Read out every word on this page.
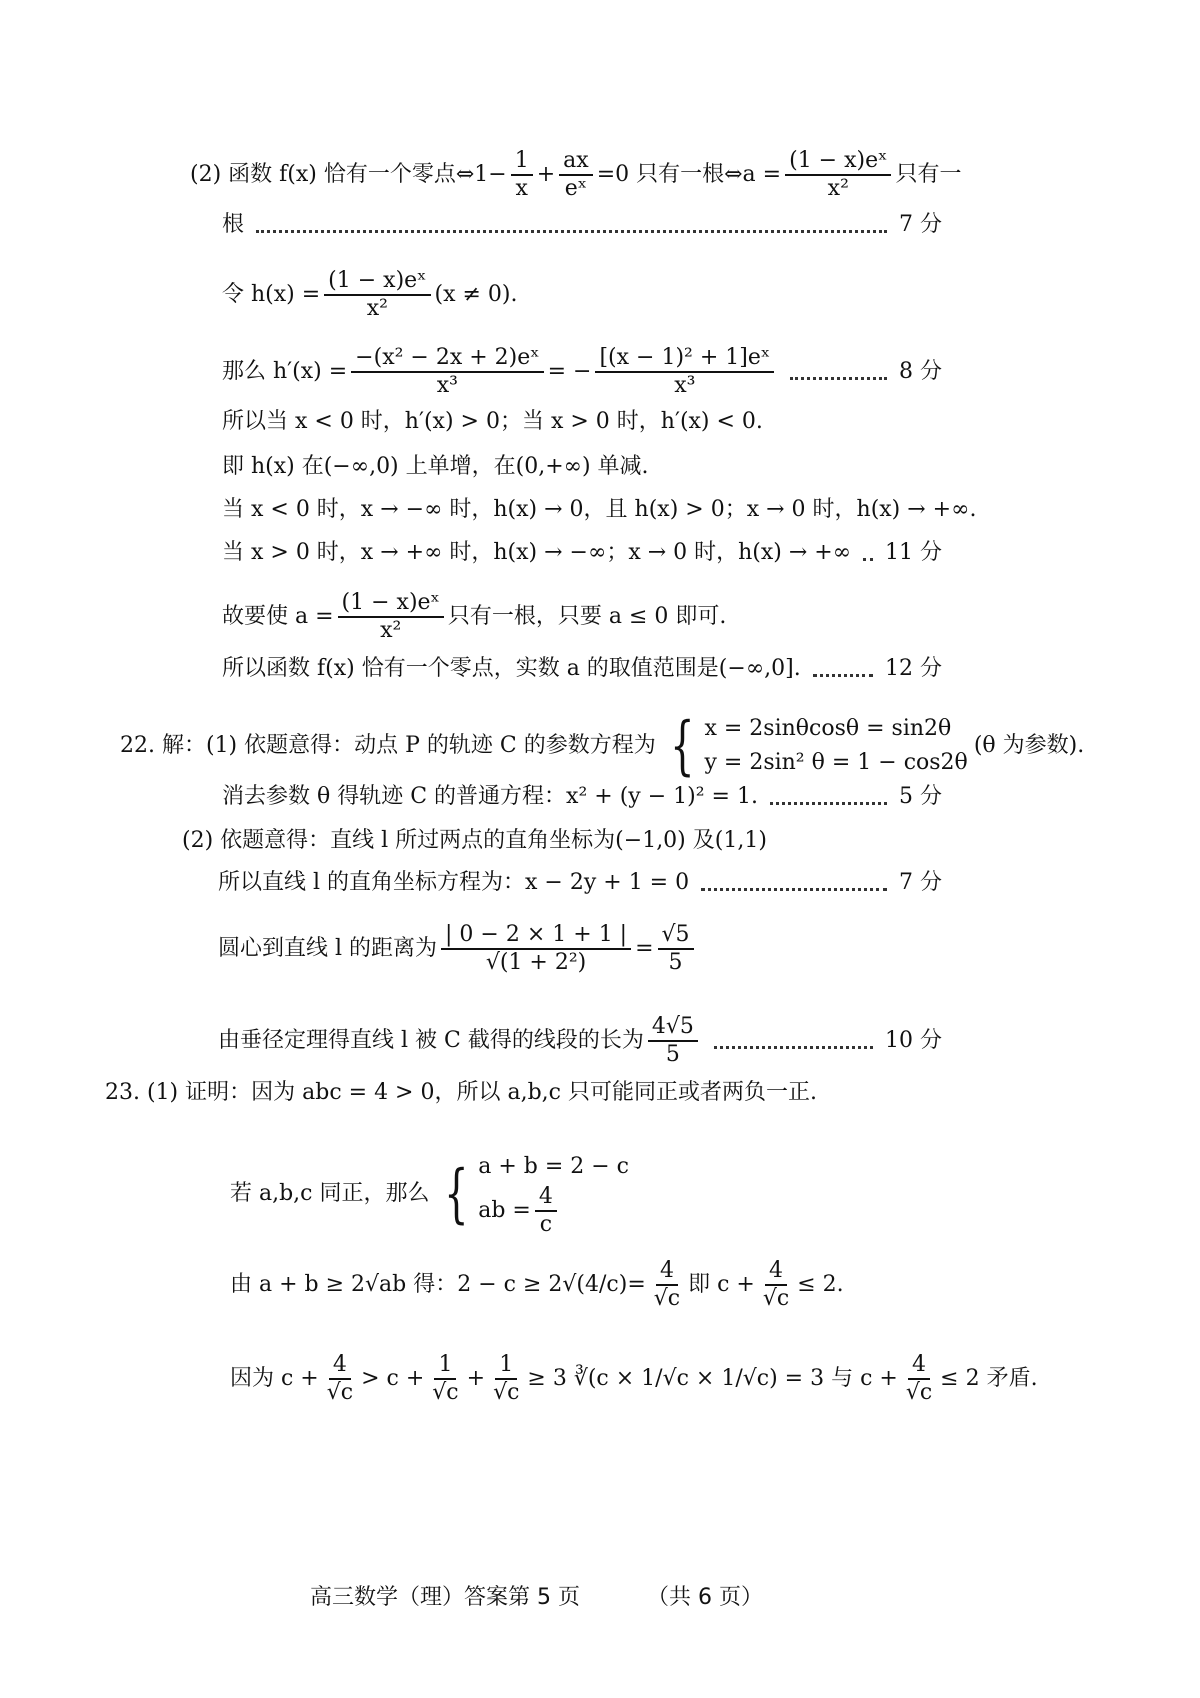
(2) 函数 f(x) 恰有一个零点⇔1− $\frac{1}{x} + \frac{ax}{\text{eˣ}} =0$ 只有一根⇔a = $\frac{\text{(1 − x)eˣ}}{\text{x²}}$ 只有一
根	7 分
令 $h(x) = \frac{\text{(1 − x)eˣ}}{\text{x²}} (x \ne 0)$.
那么 $h'(x) = \frac{\text{−(x² − 2x + 2)eˣ}}{\text{x³}}$ = − $\frac{\text{[(x − 1)² + 1]eˣ}}{\text{x³}}$	8 分
所以当 x < 0 时，h′(x) > 0；当 x > 0 时，h′(x) < 0.
即 h(x) 在(−∞,0) 上单增，在(0,+∞) 单减.
当 x < 0 时，x → −∞ 时，h(x) → 0，且 h(x) > 0；x → 0 时，h(x) → +∞.
当 x > 0 时，x → +∞ 时，h(x) → −∞；x → 0 时，h(x) → +∞ 11 分
故要使 $a = \frac{\text{(1 − x)eˣ}}{\text{x²}}$ 只有一根，只要 a ≤ 0 即可.
所以函数 f(x) 恰有一个零点，实数 a 的取值范围是(−∞,0].	12 分
22. 解：(1) 依题意得：动点 P 的轨迹 C 的参数方程为 { x = 2sinθcosθ = sin2θ
y = 2sin² θ = 1 − cos2θ
(θ 为参数).
消去参数 θ 得轨迹 C 的普通方程：x² + (y − 1)² = 1.	5 分
(2) 依题意得：直线 l 所过两点的直角坐标为(−1,0) 及(1,1)
所以直线 l 的直角坐标方程为：x − 2y + 1 = 0	7 分
圆心到直线 l 的距离为 $\frac{| 0 - 2 \times 1 + 1 |}{\text{√(1 + 2²)}} = \frac{√5}{5}$
由垂径定理得直线 l 被 C 截得的线段的长为 $\frac{4√5}{5}$	10 分
23. (1) 证明：因为 abc = 4 > 0，所以 a,b,c 只可能同正或者两负一正.
若 a,b,c 同正，那么 { a + b = 2 − c
ab = $\frac{4}{c}$
由 a + b ≥ 2√ab 得：2 − c ≥ 2 $√(4/c) = \frac{4}{√c}$ 即 $c + \frac{4}{√c} \le 2$.
因为 $c + \frac{4}{√c} > c + \frac{1}{√c} + \frac{1}{√c} \ge 3$ ∛(c × 1/√c × 1/√c) = 3 与 $c + \frac{4}{√c} \le 2$ 矛盾.
高三数学（理）答案第 5 页	（共 6 页）
